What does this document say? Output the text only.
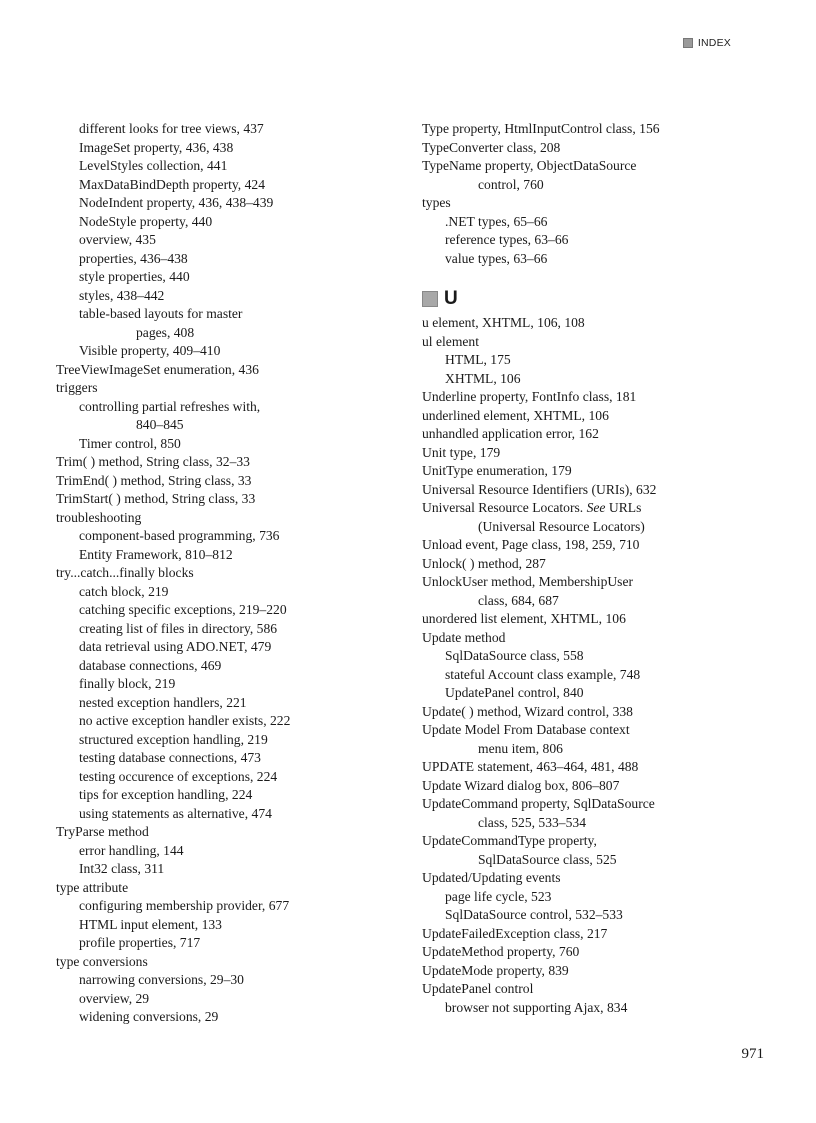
INDEX
different looks for tree views, 437
ImageSet property, 436, 438
LevelStyles collection, 441
MaxDataBindDepth property, 424
NodeIndent property, 436, 438–439
NodeStyle property, 440
overview, 435
properties, 436–438
style properties, 440
styles, 438–442
table-based layouts for master
pages, 408
Visible property, 409–410
TreeViewImageSet enumeration, 436
triggers
controlling partial refreshes with,
840–845
Timer control, 850
Trim( ) method, String class, 32–33
TrimEnd( ) method, String class, 33
TrimStart( ) method, String class, 33
troubleshooting
component-based programming, 736
Entity Framework, 810–812
try...catch...finally blocks
catch block, 219
catching specific exceptions, 219–220
creating list of files in directory, 586
data retrieval using ADO.NET, 479
database connections, 469
finally block, 219
nested exception handlers, 221
no active exception handler exists, 222
structured exception handling, 219
testing database connections, 473
testing occurence of exceptions, 224
tips for exception handling, 224
using statements as alternative, 474
TryParse method
error handling, 144
Int32 class, 311
type attribute
configuring membership provider, 677
HTML input element, 133
profile properties, 717
type conversions
narrowing conversions, 29–30
overview, 29
widening conversions, 29
Type property, HtmlInputControl class, 156
TypeConverter class, 208
TypeName property, ObjectDataSource
control, 760
types
.NET types, 65–66
reference types, 63–66
value types, 63–66
U
u element, XHTML, 106, 108
ul element
HTML, 175
XHTML, 106
Underline property, FontInfo class, 181
underlined element, XHTML, 106
unhandled application error, 162
Unit type, 179
UnitType enumeration, 179
Universal Resource Identifiers (URIs), 632
Universal Resource Locators. See URLs
(Universal Resource Locators)
Unload event, Page class, 198, 259, 710
Unlock( ) method, 287
UnlockUser method, MembershipUser
class, 684, 687
unordered list element, XHTML, 106
Update method
SqlDataSource class, 558
stateful Account class example, 748
UpdatePanel control, 840
Update( ) method, Wizard control, 338
Update Model From Database context
menu item, 806
UPDATE statement, 463–464, 481, 488
Update Wizard dialog box, 806–807
UpdateCommand property, SqlDataSource
class, 525, 533–534
UpdateCommandType property,
SqlDataSource class, 525
Updated/Updating events
page life cycle, 523
SqlDataSource control, 532–533
UpdateFailedException class, 217
UpdateMethod property, 760
UpdateMode property, 839
UpdatePanel control
browser not supporting Ajax, 834
971
